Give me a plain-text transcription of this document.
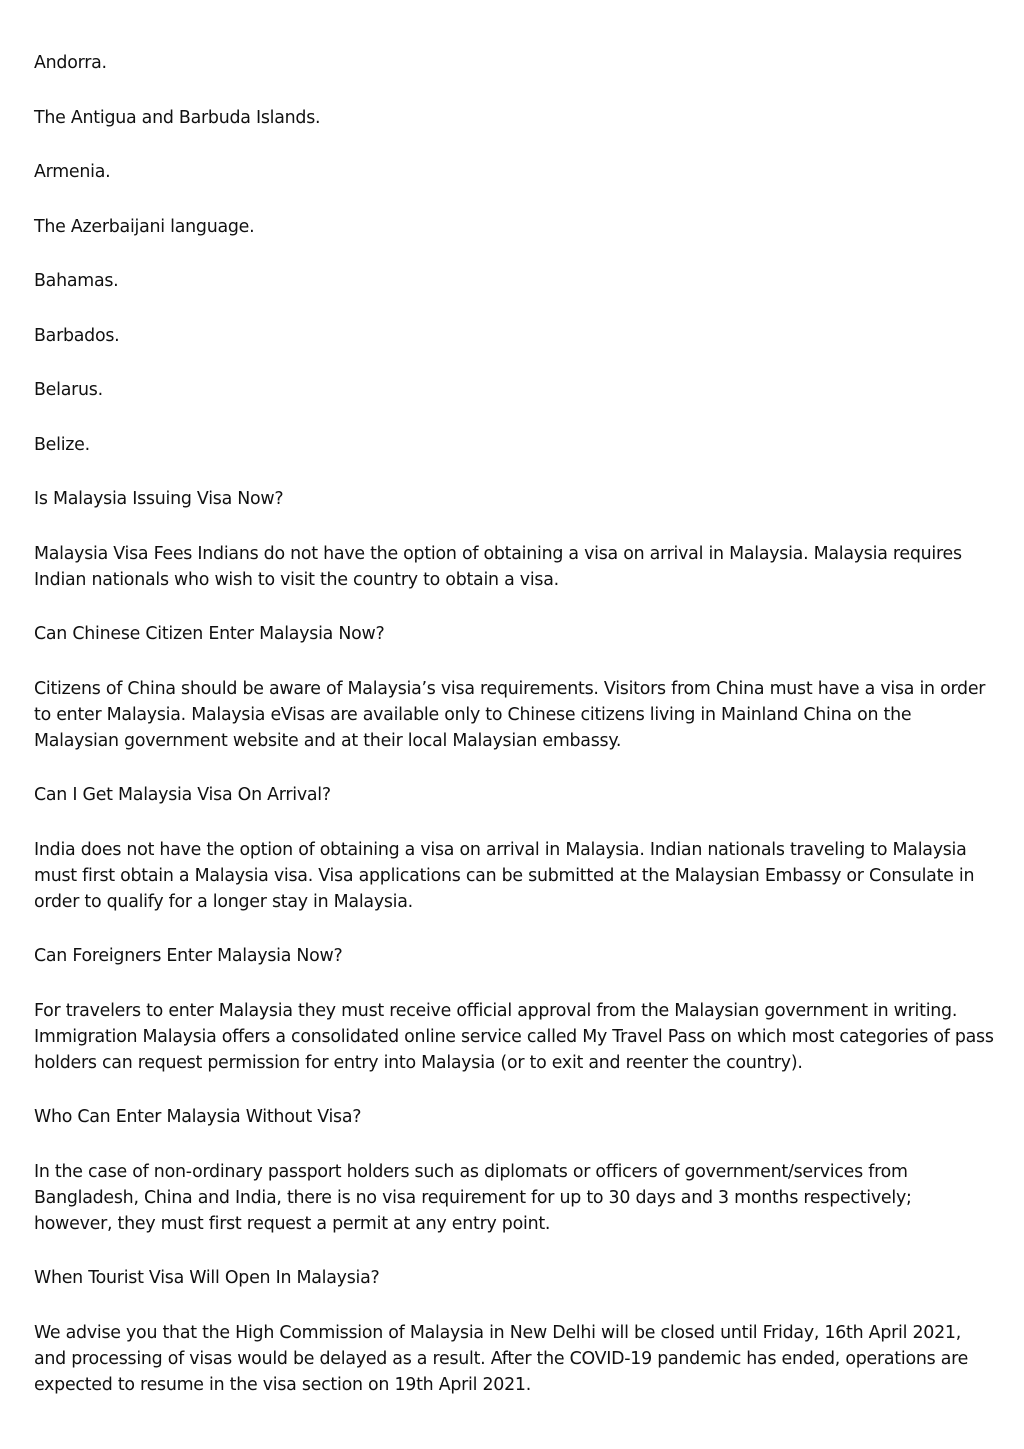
Andorra.

The Antigua and Barbuda Islands.

Armenia.

The Azerbaijani language.

Bahamas.

Barbados.

Belarus.

Belize.

Is Malaysia Issuing Visa Now?

Malaysia Visa Fees Indians do not have the option of obtaining a visa on arrival in Malaysia. Malaysia requires Indian nationals who wish to visit the country to obtain a visa.

Can Chinese Citizen Enter Malaysia Now?

Citizens of China should be aware of Malaysia’s visa requirements. Visitors from China must have a visa in order to enter Malaysia. Malaysia eVisas are available only to Chinese citizens living in Mainland China on the Malaysian government website and at their local Malaysian embassy.

Can I Get Malaysia Visa On Arrival?

India does not have the option of obtaining a visa on arrival in Malaysia. Indian nationals traveling to Malaysia must first obtain a Malaysia visa. Visa applications can be submitted at the Malaysian Embassy or Consulate in order to qualify for a longer stay in Malaysia.

Can Foreigners Enter Malaysia Now?

For travelers to enter Malaysia they must receive official approval from the Malaysian government in writing. Immigration Malaysia offers a consolidated online service called My Travel Pass on which most categories of pass holders can request permission for entry into Malaysia (or to exit and reenter the country).

Who Can Enter Malaysia Without Visa?

In the case of non-ordinary passport holders such as diplomats or officers of government/services from Bangladesh, China and India, there is no visa requirement for up to 30 days and 3 months respectively; however, they must first request a permit at any entry point.

When Tourist Visa Will Open In Malaysia?

We advise you that the High Commission of Malaysia in New Delhi will be closed until Friday, 16th April 2021, and processing of visas would be delayed as a result. After the COVID-19 pandemic has ended, operations are expected to resume in the visa section on 19th April 2021.
